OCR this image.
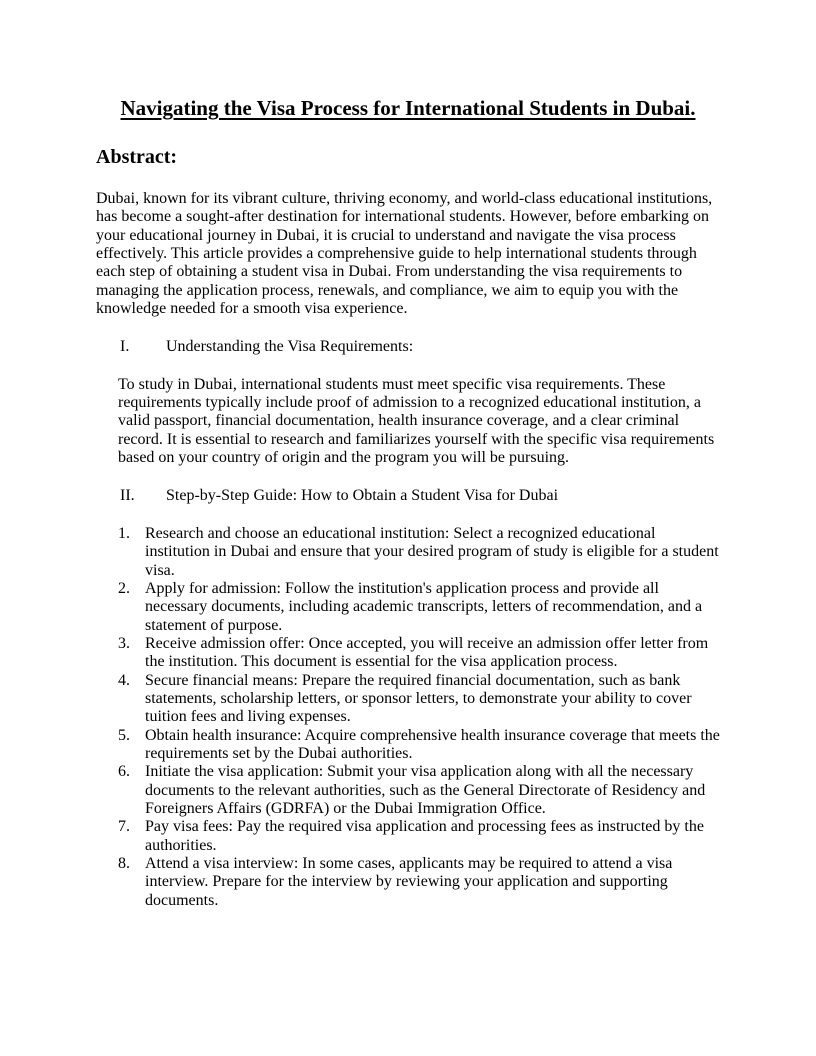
Navigating the Visa Process for International Students in Dubai.
Abstract:

Dubai, known for its vibrant culture, thriving economy, and world-class educational institutions, has become a sought-after destination for international students. However, before embarking on your educational journey in Dubai, it is crucial to understand and navigate the visa process effectively. This article provides a comprehensive guide to help international students through each step of obtaining a student visa in Dubai. From understanding the visa requirements to managing the application process, renewals, and compliance, we aim to equip you with the knowledge needed for a smooth visa experience.

I. Understanding the Visa Requirements:

To study in Dubai, international students must meet specific visa requirements. These requirements typically include proof of admission to a recognized educational institution, a valid passport, financial documentation, health insurance coverage, and a clear criminal record. It is essential to research and familiarizes yourself with the specific visa requirements based on your country of origin and the program you will be pursuing.

II. Step-by-Step Guide: How to Obtain a Student Visa for Dubai
1. Research and choose an educational institution: Select a recognized educational institution in Dubai and ensure that your desired program of study is eligible for a student visa.
2. Apply for admission: Follow the institution's application process and provide all necessary documents, including academic transcripts, letters of recommendation, and a statement of purpose.
3. Receive admission offer: Once accepted, you will receive an admission offer letter from the institution. This document is essential for the visa application process.
4. Secure financial means: Prepare the required financial documentation, such as bank statements, scholarship letters, or sponsor letters, to demonstrate your ability to cover tuition fees and living expenses.
5. Obtain health insurance: Acquire comprehensive health insurance coverage that meets the requirements set by the Dubai authorities.
6. Initiate the visa application: Submit your visa application along with all the necessary documents to the relevant authorities, such as the General Directorate of Residency and Foreigners Affairs (GDRFA) or the Dubai Immigration Office.
7. Pay visa fees: Pay the required visa application and processing fees as instructed by the authorities.
8. Attend a visa interview: In some cases, applicants may be required to attend a visa interview. Prepare for the interview by reviewing your application and supporting documents.
